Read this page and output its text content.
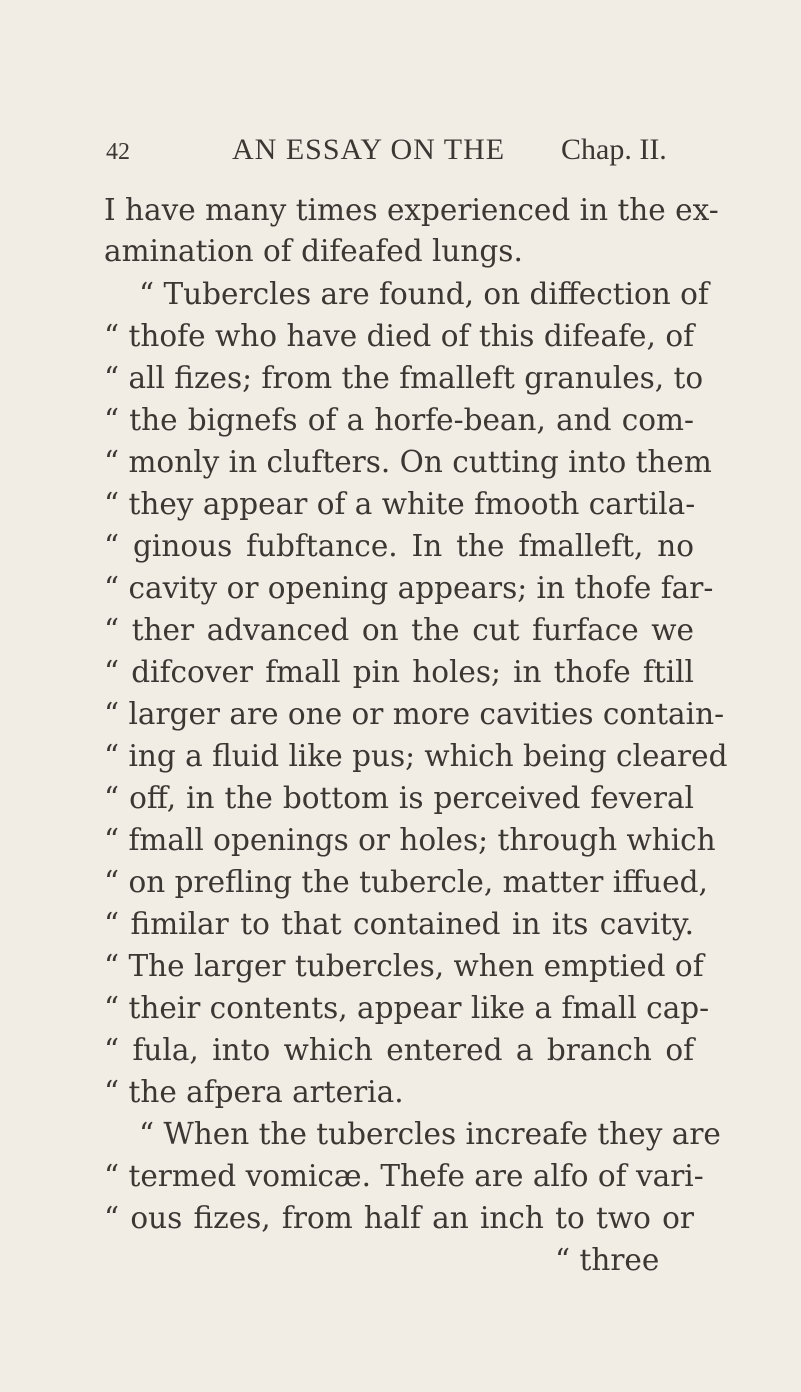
42	AN ESSAY ON THE Chap. II.
I have many times experienced in the ex-
amination of difeafed lungs.
“ Tubercles are found, on diffection of
“ thofe who have died of this difeafe, of
“ all fizes; from the fmalleft granules, to
“ the bignefs of a horfe-bean, and com-
“ monly in clufters. On cutting into them
“ they appear of a white fmooth cartila-
“ ginous fubftance. In the fmalleft, no
“ cavity or opening appears; in thofe far-
“ ther advanced on the cut furface we
“ difcover fmall pin holes; in thofe ftill
“ larger are one or more cavities contain-
“ ing a fluid like pus; which being cleared
“ off, in the bottom is perceived feveral
“ fmall openings or holes; through which
“ on prefling the tubercle, matter iffued,
“ fimilar to that contained in its cavity.
“ The larger tubercles, when emptied of
“ their contents, appear like a fmall cap-
“ fula, into which entered a branch of
“ the afpera arteria.
“ When the tubercles increafe they are
“ termed vomicæ. Thefe are alfo of vari-
“ ous fizes, from half an inch to two or
“ three
